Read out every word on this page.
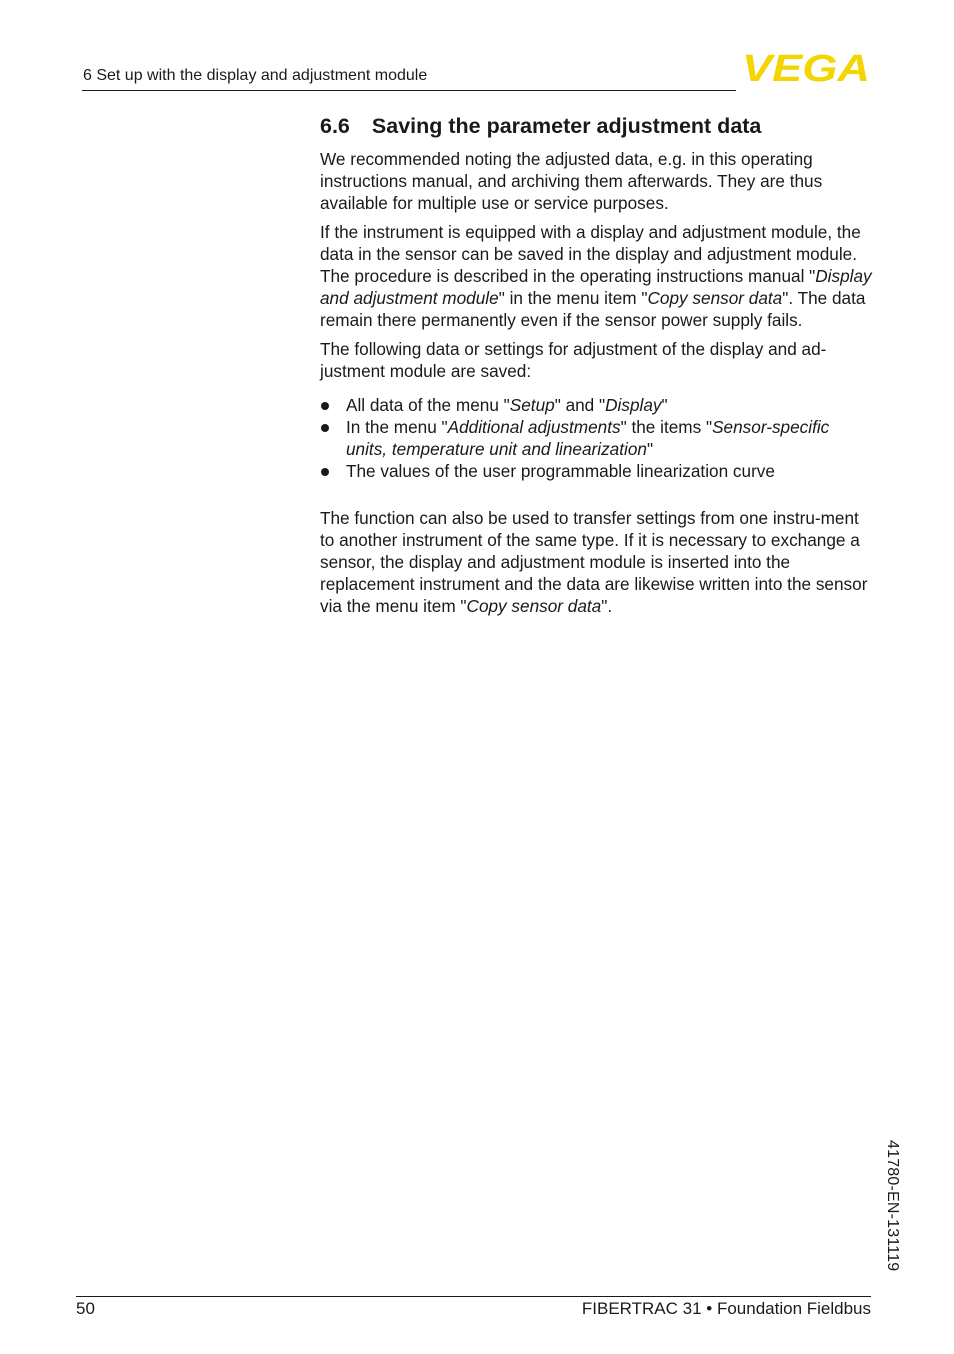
6 Set up with the display and adjustment module	VEGA
6.6 Saving the parameter adjustment data

We recommended noting the adjusted data, e.g. in this operating instructions manual, and archiving them afterwards. They are thus available for multiple use or service purposes.

If the instrument is equipped with a display and adjustment module, the data in the sensor can be saved in the display and adjustment module. The procedure is described in the operating instructions manual "Display and adjustment module" in the menu item "Copy sensor data". The data remain there permanently even if the sensor power supply fails.

The following data or settings for adjustment of the display and ad-justment module are saved:

All data of the menu "Setup" and "Display"
In the menu "Additional adjustments" the items "Sensor-specific units, temperature unit and linearization"
The values of the user programmable linearization curve

The function can also be used to transfer settings from one instru-ment to another instrument of the same type. If it is necessary to exchange a sensor, the display and adjustment module is inserted into the replacement instrument and the data are likewise written into the sensor via the menu item "Copy sensor data".

41780-EN-131119
50	FIBERTRAC 31 • Foundation Fieldbus
